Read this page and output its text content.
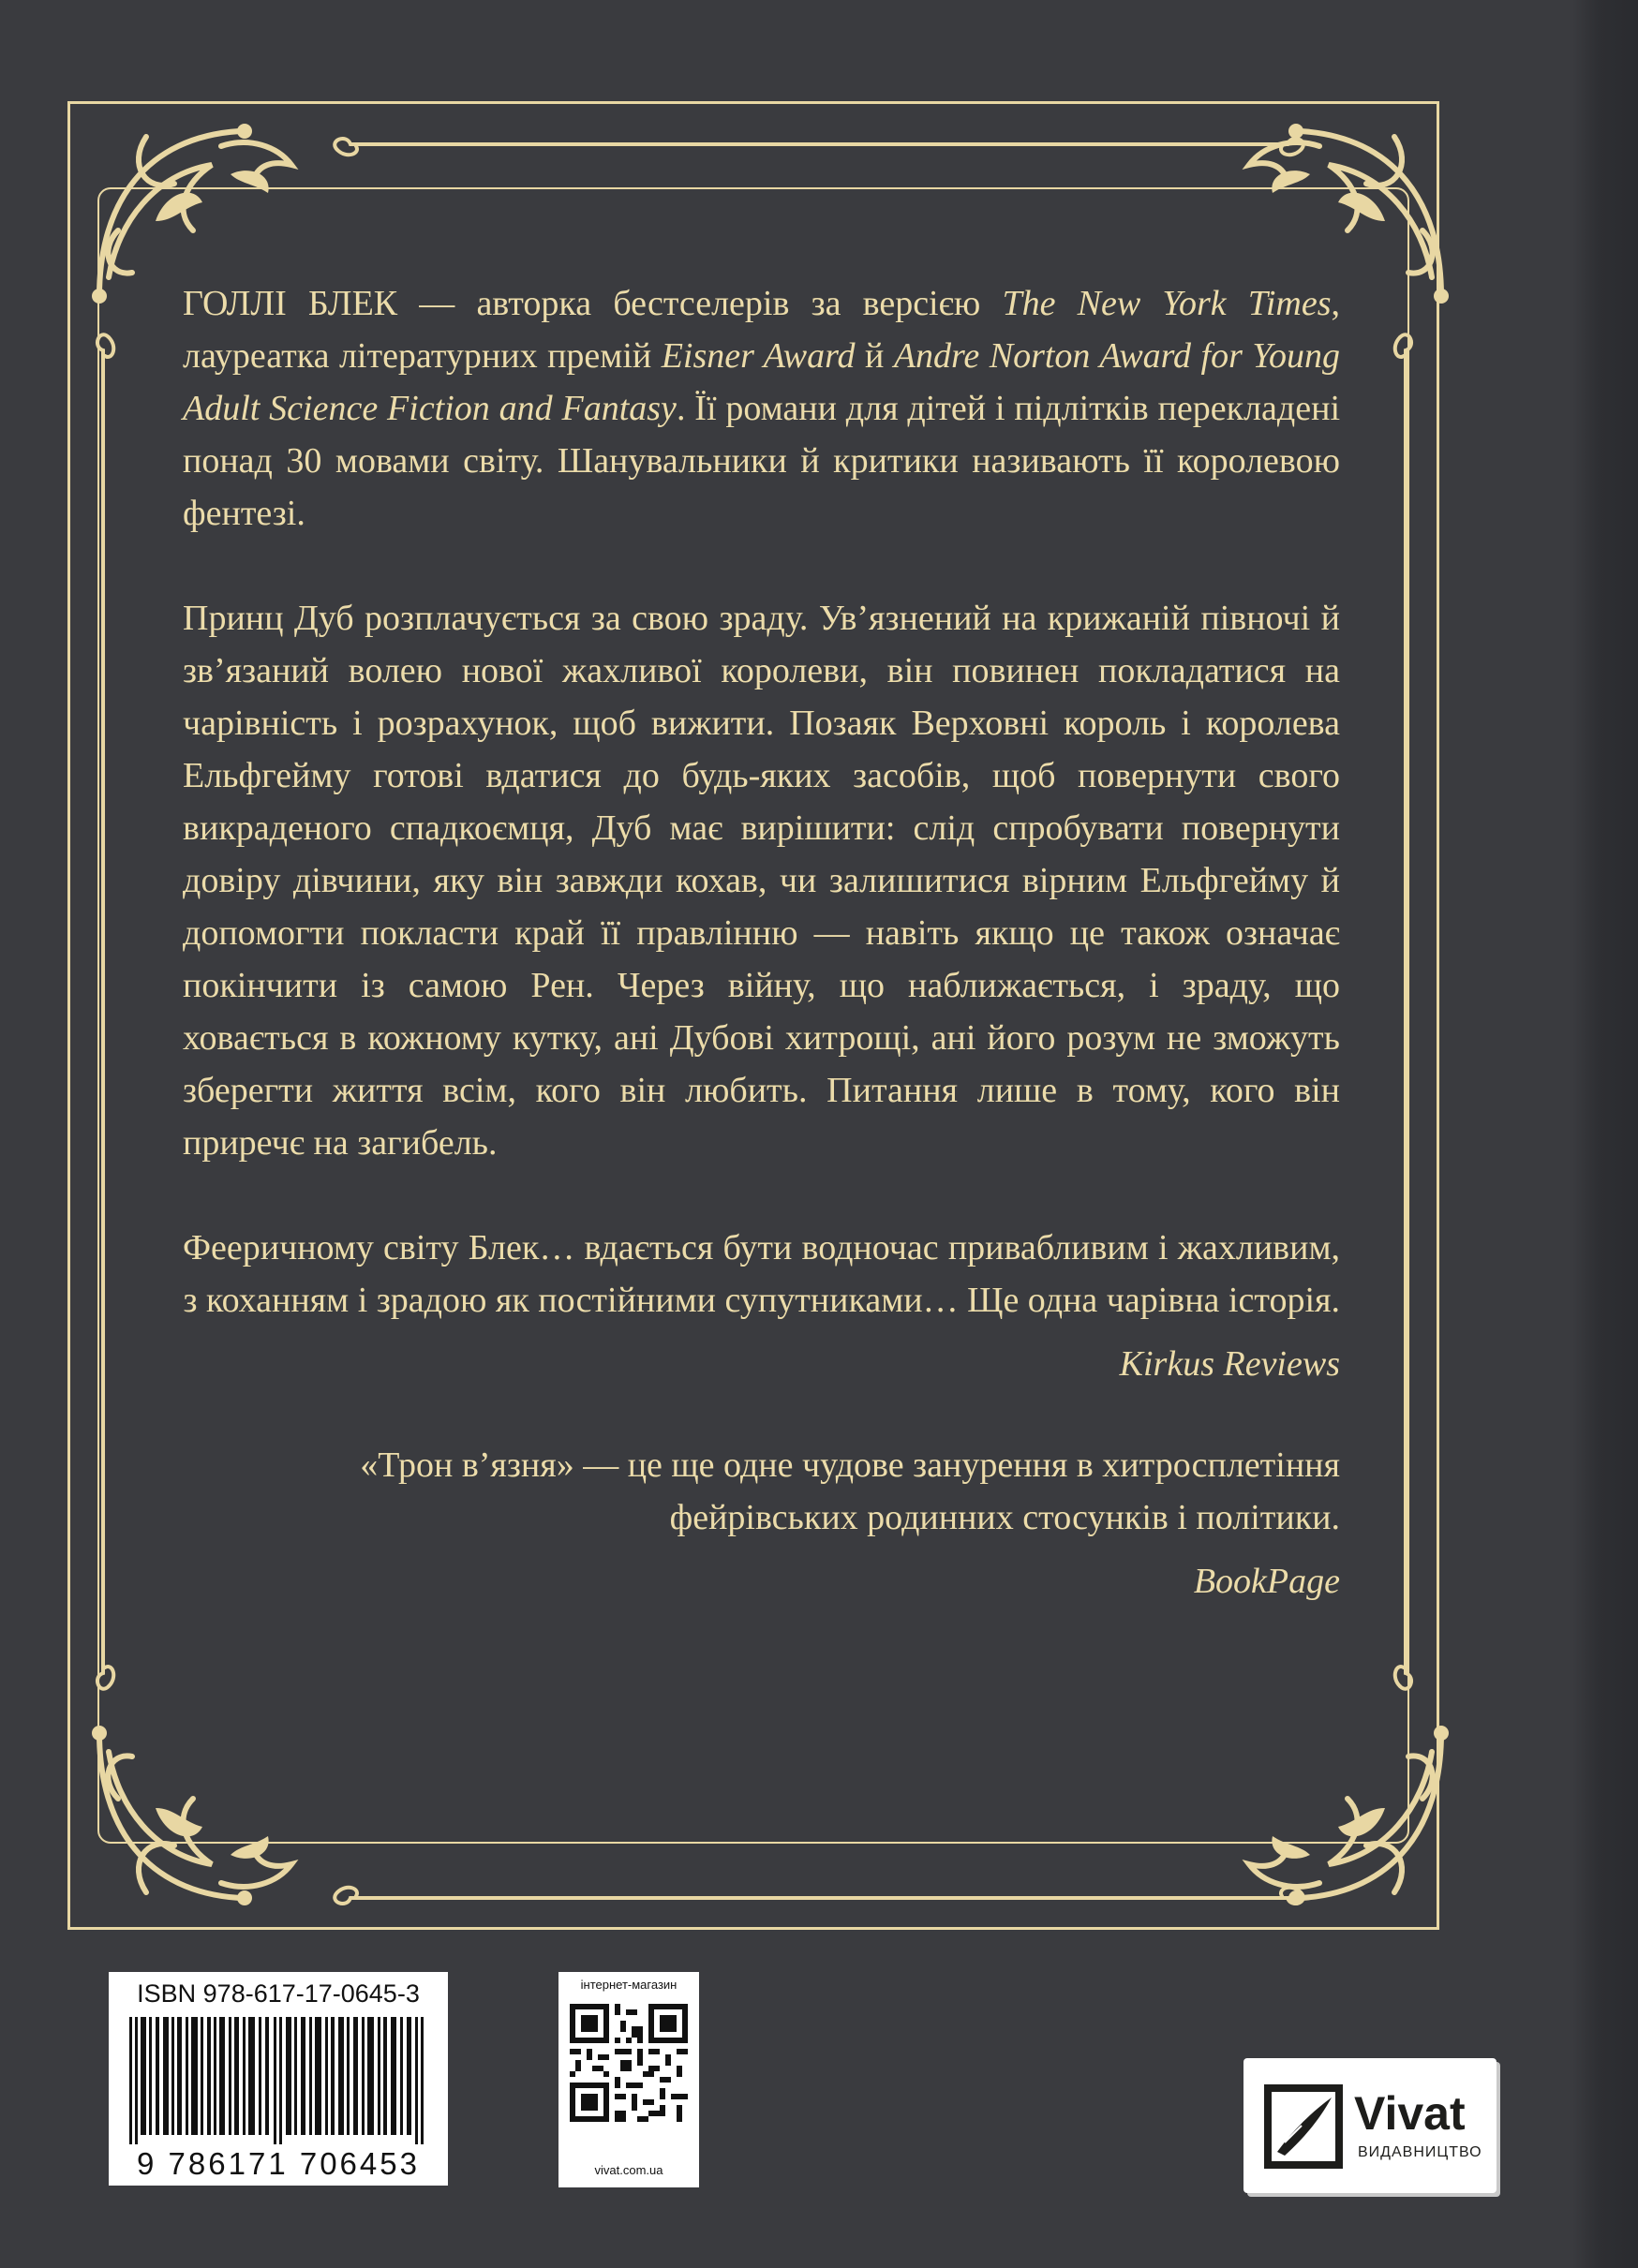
ГОЛЛІ БЛЕК — авторка бестселерів за версією The New York Times, лауреатка літературних премій Eisner Award й Andre Norton Award for Young Adult Science Fiction and Fantasy. Її романи для дітей і підлітків перекладені понад 30 мовами світу. Шанувальники й критики називають її королевою фентезі.

Принц Дуб розплачується за свою зраду. Ув’язнений на крижаній півночі й зв’язаний волею нової жахливої королеви, він повинен покладатися на чарівність і розрахунок, щоб вижити. Позаяк Верховні король і королева Ельфгейму готові вдатися до будь-яких засобів, щоб повернути свого викраденого спадкоємця, Дуб має вирішити: слід спробувати повернути довіру дівчини, яку він завжди кохав, чи залишитися вірним Ельфгейму й допомогти покласти край її правлінню — навіть якщо це також означає покінчити із самою Рен. Через війну, що наближається, і зраду, що ховається в кожному кутку, ані Дубові хитрощі, ані його розум не зможуть зберегти життя всім, кого він любить. Питання лише в тому, кого він приречє на загибель.

Фееричному світу Блек… вдається бути водночас привабливим і жахливим, з коханням і зрадою як постійними супутниками… Ще одна чарівна історія.

Kirkus Reviews

«Трон в’язня» — це ще одне чудове занурення в хитросплетіння фейрівських родинних стосунків і політики.

BookPage

ISBN 978-617-17-0645-3
9 786171 706453
інтернет-магазин
vivat.com.ua
Vivat
ВИДАВНИЦТВО
